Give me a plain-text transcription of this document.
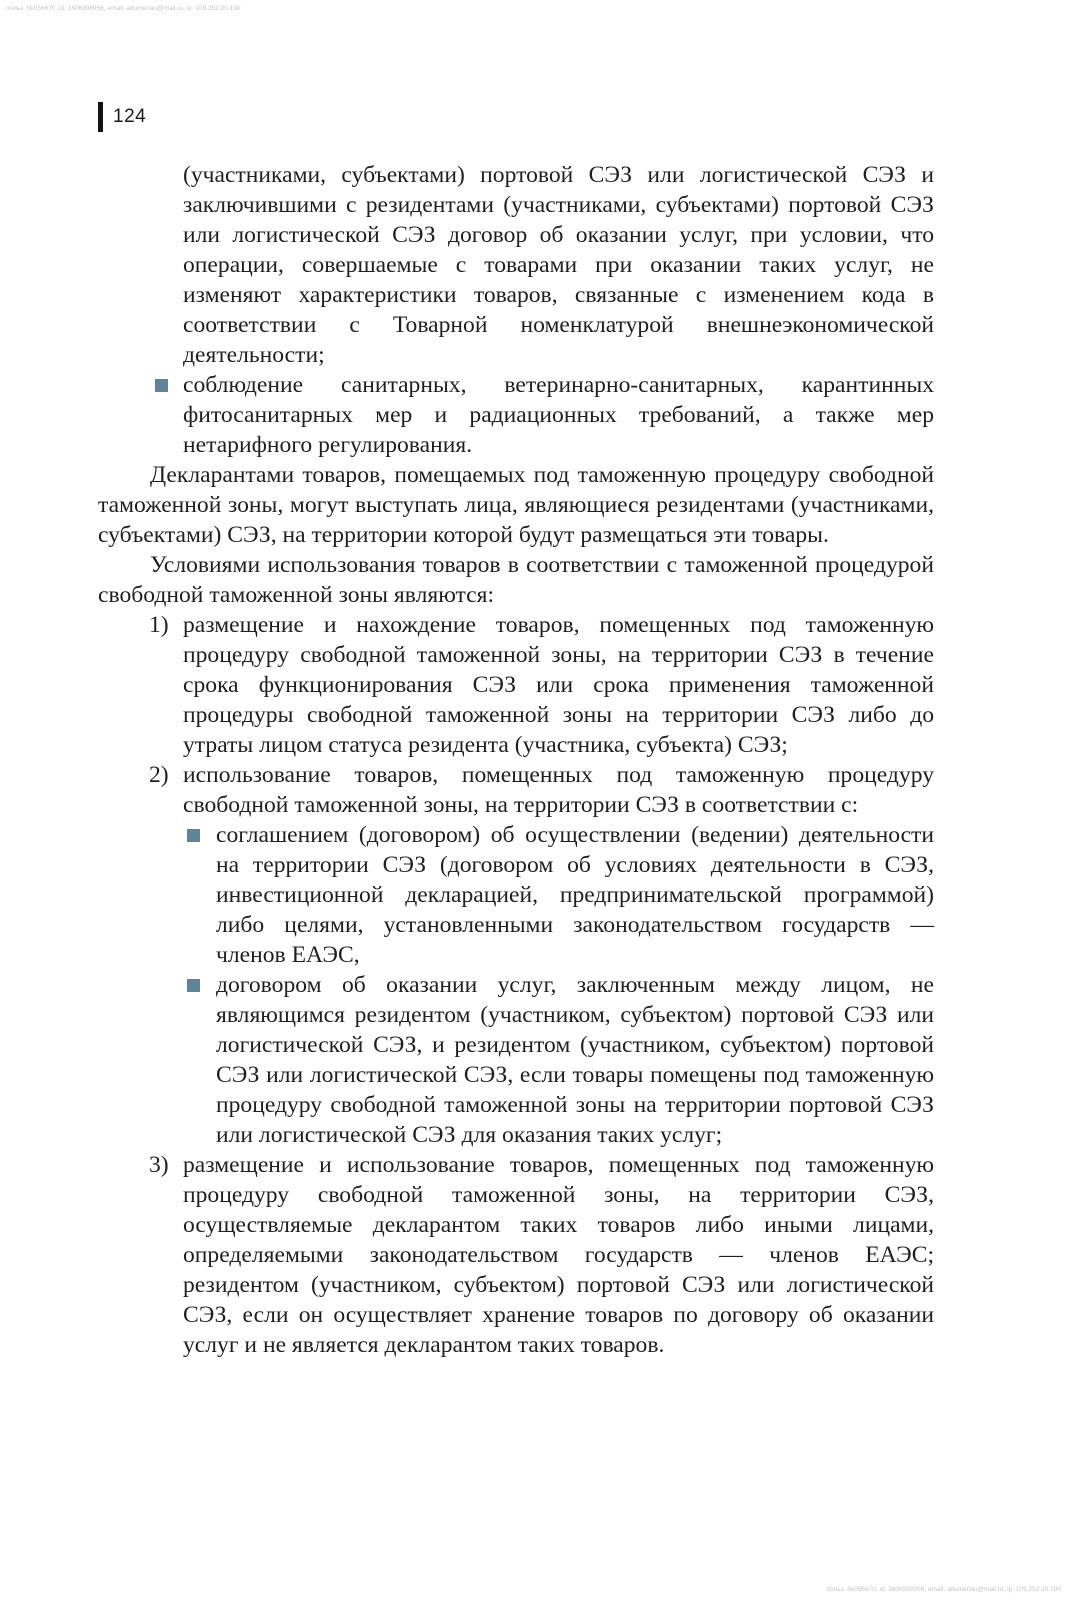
польз. №056670, id: 1606998956, email: aitumeriau@mail.ru, ip: 109.252.20.190
124

(участниками, субъектами) портовой СЭЗ или логистической СЭЗ и заключившими с резидентами (участниками, субъектами) портовой СЭЗ или логистической СЭЗ договор об оказании услуг, при условии, что операции, совершаемые с товарами при оказании таких услуг, не изменяют характеристики товаров, связанные с изменением кода в соответствии с Товарной номенклатурой внешнеэкономической деятельности;

соблюдение санитарных, ветеринарно-санитарных, карантинных фитосанитарных мер и радиационных требований, а также мер нетарифного регулирования.

Декларантами товаров, помещаемых под таможенную процедуру свободной таможенной зоны, могут выступать лица, являющиеся резидентами (участниками, субъектами) СЭЗ, на территории которой будут размещаться эти товары.

Условиями использования товаров в соответствии с таможенной процедурой свободной таможенной зоны являются:

1) размещение и нахождение товаров, помещенных под таможенную процедуру свободной таможенной зоны, на территории СЭЗ в течение срока функционирования СЭЗ или срока применения таможенной процедуры свободной таможенной зоны на территории СЭЗ либо до утраты лицом статуса резидента (участника, субъекта) СЭЗ;
2) использование товаров, помещенных под таможенную процедуру свободной таможенной зоны, на территории СЭЗ в соответствии с:
соглашением (договором) об осуществлении (ведении) деятельности на территории СЭЗ (договором об условиях деятельности в СЭЗ, инвестиционной декларацией, предпринимательской программой) либо целями, установленными законодательством государств — членов ЕАЭС,
договором об оказании услуг, заключенным между лицом, не являющимся резидентом (участником, субъектом) портовой СЭЗ или логистической СЭЗ, и резидентом (участником, субъектом) портовой СЭЗ или логистической СЭЗ, если товары помещены под таможенную процедуру свободной таможенной зоны на территории портовой СЭЗ или логистической СЭЗ для оказания таких услуг;
3) размещение и использование товаров, помещенных под таможенную процедуру свободной таможенной зоны, на территории СЭЗ, осуществляемые декларантом таких товаров либо иными лицами, определяемыми законодательством государств — членов ЕАЭС; резидентом (участником, субъектом) портовой СЭЗ или логистической СЭЗ, если он осуществляет хранение товаров по договору об оказании услуг и не является декларантом таких товаров.
польз. №056670, id: 1606998956, email: aitumeriau@mail.ru, ip: 109.252.20.190
